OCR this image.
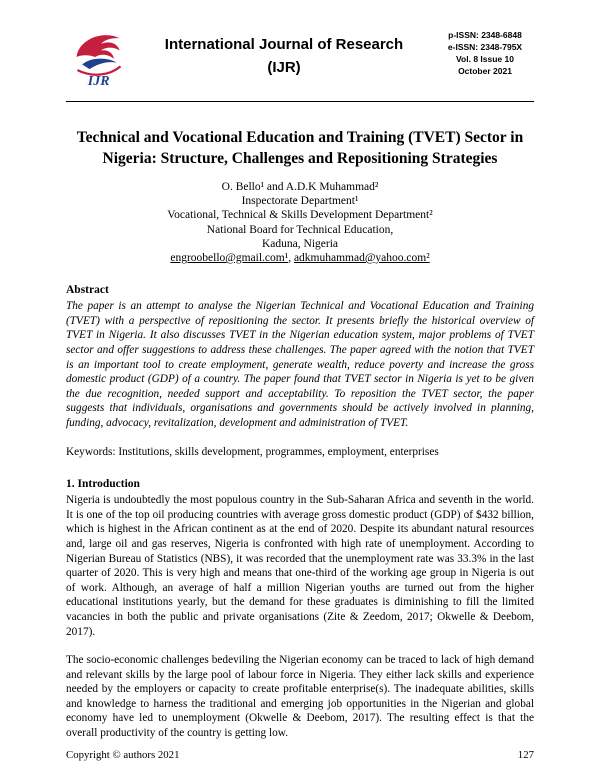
IJR
International Journal of Research
(IJR)
p-ISSN: 2348-6848
e-ISSN: 2348-795X
Vol. 8 Issue 10
October 2021
Technical and Vocational Education and Training (TVET) Sector in Nigeria: Structure, Challenges and Repositioning Strategies
O. Bello¹ and A.D.K Muhammad²
Inspectorate Department¹
Vocational, Technical & Skills Development Department²
National Board for Technical Education,
Kaduna, Nigeria
engroobello@gmail.com¹, adkmuhammad@yahoo.com²
Abstract

The paper is an attempt to analyse the Nigerian Technical and Vocational Education and Training (TVET) with a perspective of repositioning the sector. It presents briefly the historical overview of TVET in Nigeria. It also discusses TVET in the Nigerian education system, major problems of TVET sector and offer suggestions to address these challenges. The paper agreed with the notion that TVET is an important tool to create employment, generate wealth, reduce poverty and increase the gross domestic product (GDP) of a country. The paper found that TVET sector in Nigeria is yet to be given the due recognition, needed support and acceptability. To reposition the TVET sector, the paper suggests that individuals, organisations and governments should be actively involved in planning, funding, advocacy, revitalization, development and administration of TVET.

Keywords: Institutions, skills development, programmes, employment, enterprises

1. Introduction

Nigeria is undoubtedly the most populous country in the Sub-Saharan Africa and seventh in the world. It is one of the top oil producing countries with average gross domestic product (GDP) of $432 billion, which is highest in the African continent as at the end of 2020. Despite its abundant natural resources and, large oil and gas reserves, Nigeria is confronted with high rate of unemployment. According to Nigerian Bureau of Statistics (NBS), it was recorded that the unemployment rate was 33.3% in the last quarter of 2020. This is very high and means that one-third of the working age group in Nigeria is out of work. Although, an average of half a million Nigerian youths are turned out from the higher educational institutions yearly, but the demand for these graduates is diminishing to fill the limited vacancies in both the public and private organisations (Zite & Zeedom, 2017; Okwelle & Deebom, 2017).

The socio-economic challenges bedeviling the Nigerian economy can be traced to lack of high demand and relevant skills by the large pool of labour force in Nigeria. They either lack skills and experience needed by the employers or capacity to create profitable enterprise(s). The inadequate abilities, skills and knowledge to harness the traditional and emerging job opportunities in the Nigerian and global economy have led to unemployment (Okwelle & Deebom, 2017). The resulting effect is that the overall productivity of the country is getting low.

Copyright © authors 2021	127
